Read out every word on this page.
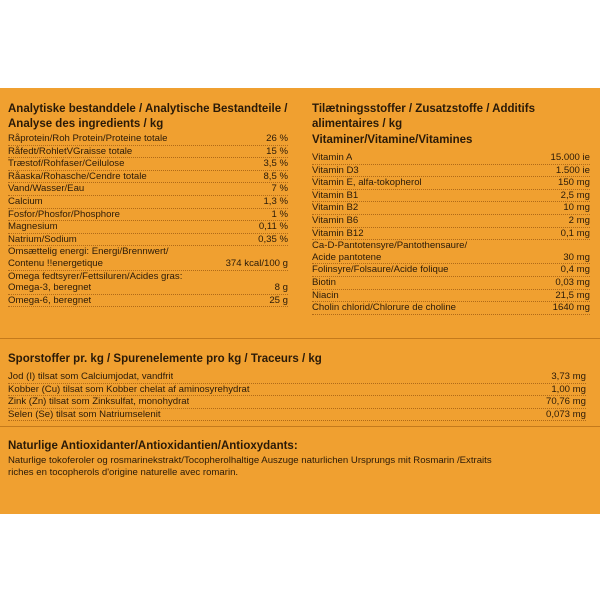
Analytiske bestanddele / Analytische Bestandteile / Analyse des ingredients / kg
Råprotein/Roh Protein/Proteine totale	26 %
Råfedt/RohletVGraisse totale	15 %
Træstof/Rohfaser/Ceilulose	3,5 %
Råaska/Rohasche/Cendre totale	8,5 %
Vand/Wasser/Eau	7 %
Calcium	1,3 %
Fosfor/Phosfor/Phosphore	1 %
Magnesium	0,11 %
Natrium/Sodium	0,35 %
Omsættelig energi: Energi/Brennwert/
Contenu !!energetique	374 kcal/100 g
Omega fedtsyrer/Fettsiluren/Acides gras:
Omega-3, beregnet	8 g
Omega-6, beregnet	25 g
Tilætningsstoffer / Zusatzstoffe / Additifs alimentaires / kg
Vitaminer/Vitamine/Vitamines
Vitamin A	15.000 ie
Vitamin D3	1.500 ie
Vitamin E, alfa-tokopherol	150 mg
Vitamin B1	2,5 mg
Vitamin B2	10 mg
Vitamin B6	2 mg
Vitamin B12	0,1 mg
Ca-D-Pantotensyre/Pantothensaure/
Acide pantotene	30 mg
Folinsyre/Folsaure/Acide folique	0,4 mg
Biotin	0,03 mg
Niacin	21,5 mg
Cholin chlorid/Chlorure de choline	1640 mg
Sporstoffer pr. kg / Spurenelemente pro kg / Traceurs / kg
Jod (I) tilsat som Calciumjodat, vandfrit	3,73 mg
Kobber (Cu) tilsat som Kobber chelat af aminosyrehydrat	1,00 mg
Zink (Zn) tilsat som Zinksulfat, monohydrat	70,76 mg
Selen (Se) tilsat som Natriumselenit	0,073 mg
Naturlige Antioxidanter/Antioxidantien/Antioxydants:
Naturlige tokoferoler og rosmarinekstrakt/Tocopherolhaltige Auszuge naturlichen Ursprungs mit Rosmarin /Extraits
riches en tocopherols d'origine naturelle avec romarin.
